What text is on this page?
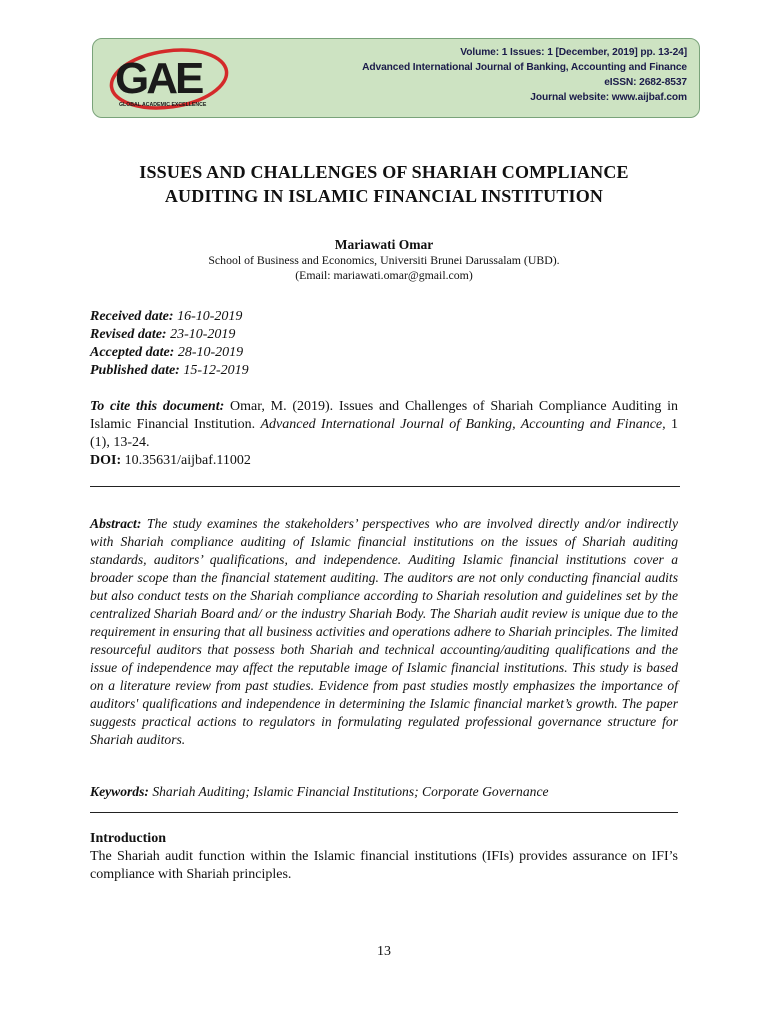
GAE
GLOBAL ACADEMIC EXCELLENCE
Volume: 1 Issues: 1 [December, 2019] pp. 13-24]
Advanced International Journal of Banking, Accounting and Finance
eISSN: 2682-8537
Journal website: www.aijbaf.com
ISSUES AND CHALLENGES OF SHARIAH COMPLIANCE
AUDITING IN ISLAMIC FINANCIAL INSTITUTION
Mariawati Omar
School of Business and Economics, Universiti Brunei Darussalam (UBD).
(Email: mariawati.omar@gmail.com)
Received date: 16-10-2019
Revised date: 23-10-2019
Accepted date: 28-10-2019
Published date: 15-12-2019
To cite this document: Omar, M. (2019). Issues and Challenges of Shariah Compliance Auditing in Islamic Financial Institution. Advanced International Journal of Banking, Accounting and Finance, 1 (1), 13-24.
DOI: 10.35631/aijbaf.11002
Abstract: The study examines the stakeholders’ perspectives who are involved directly and/or indirectly with Shariah compliance auditing of Islamic financial institutions on the issues of Shariah auditing standards, auditors’ qualifications, and independence. Auditing Islamic financial institutions cover a broader scope than the financial statement auditing. The auditors are not only conducting financial audits but also conduct tests on the Shariah compliance according to Shariah resolution and guidelines set by the centralized Shariah Board and/ or the industry Shariah Body. The Shariah audit review is unique due to the requirement in ensuring that all business activities and operations adhere to Shariah principles. The limited resourceful auditors that possess both Shariah and technical accounting/auditing qualifications and the issue of independence may affect the reputable image of Islamic financial institutions. This study is based on a literature review from past studies. Evidence from past studies mostly emphasizes the importance of auditors' qualifications and independence in determining the Islamic financial market’s growth. The paper suggests practical actions to regulators in formulating regulated professional governance structure for Shariah auditors.
Keywords: Shariah Auditing; Islamic Financial Institutions; Corporate Governance
Introduction
The Shariah audit function within the Islamic financial institutions (IFIs) provides assurance on IFI’s compliance with Shariah principles.
13
